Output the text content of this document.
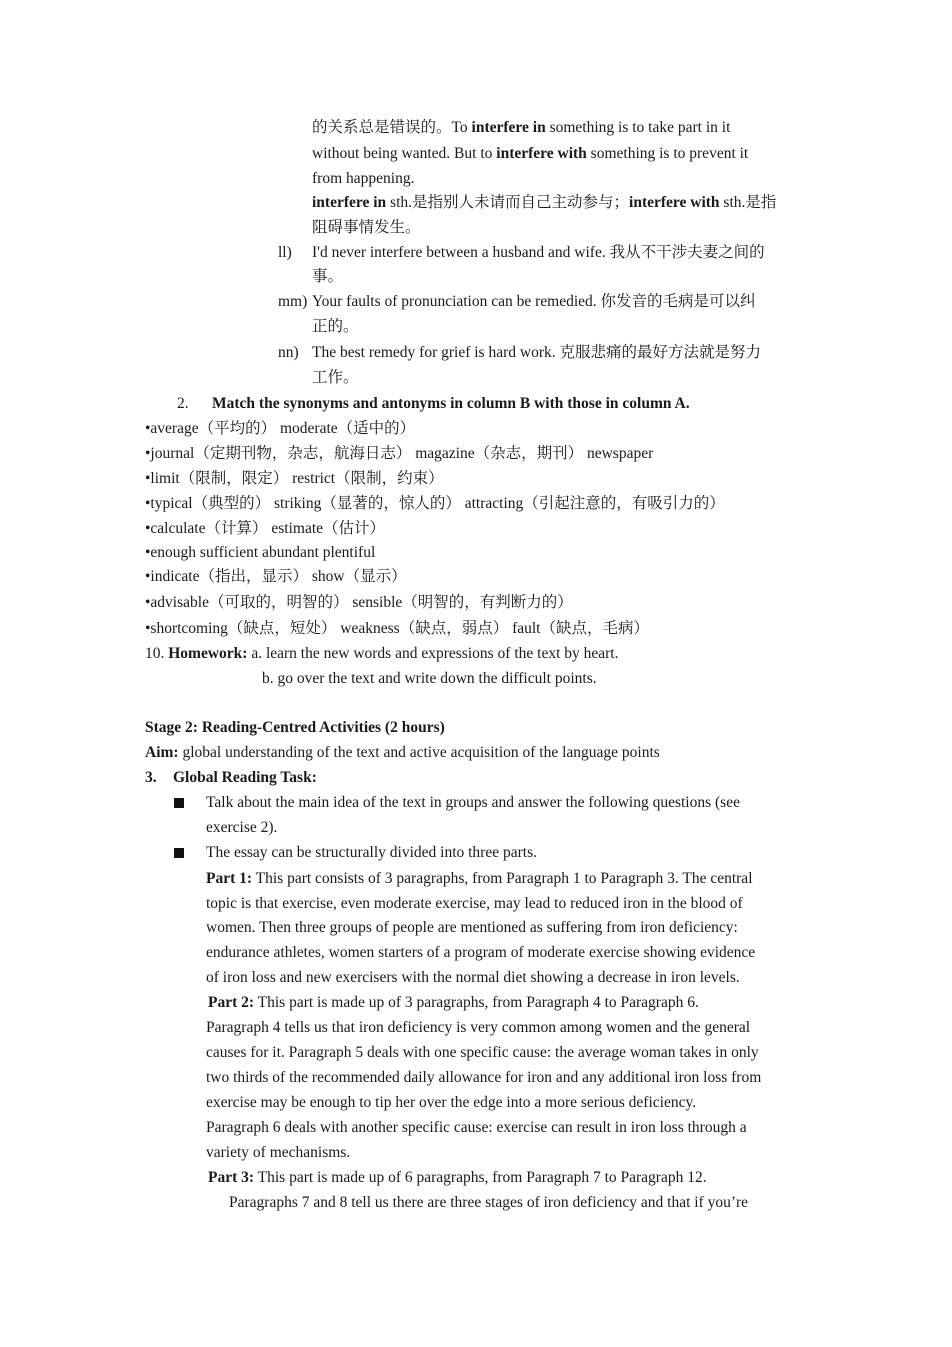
的关系总是错误的。To interfere in something is to take part in it
without being wanted. But to interfere with something is to prevent it
from happening.
interfere in sth.是指别人未请而自己主动参与；interfere with sth.是指
阻碍事情发生。
ll) I'd never interfere between a husband and wife. 我从不干涉夫妻之间的
事。
mm) Your faults of pronunciation can be remedied. 你发音的毛病是可以纠
正的。
nn) The best remedy for grief is hard work. 克服悲痛的最好方法就是努力
工作。
2. Match the synonyms and antonyms in column B with those in column A.
•average（平均的） moderate（适中的）
•journal（定期刊物，杂志，航海日志） magazine（杂志，期刊） newspaper
•limit（限制，限定） restrict（限制，约束）
•typical（典型的） striking（显著的，惊人的） attracting（引起注意的，有吸引力的）
•calculate（计算） estimate（估计）
•enough sufficient abundant plentiful
•indicate（指出，显示） show（显示）
•advisable（可取的，明智的） sensible（明智的，有判断力的）
•shortcoming（缺点，短处） weakness（缺点，弱点） fault（缺点，毛病）
10. Homework: a. learn the new words and expressions of the text by heart.
b. go over the text and write down the difficult points.
Stage 2: Reading-Centred Activities (2 hours)
Aim: global understanding of the text and active acquisition of the language points
3. Global Reading Task:
Talk about the main idea of the text in groups and answer the following questions (see
exercise 2).
The essay can be structurally divided into three parts.
Part 1: This part consists of 3 paragraphs, from Paragraph 1 to Paragraph 3. The central
topic is that exercise, even moderate exercise, may lead to reduced iron in the blood of
women. Then three groups of people are mentioned as suffering from iron deficiency:
endurance athletes, women starters of a program of moderate exercise showing evidence
of iron loss and new exercisers with the normal diet showing a decrease in iron levels.
Part 2: This part is made up of 3 paragraphs, from Paragraph 4 to Paragraph 6.
Paragraph 4 tells us that iron deficiency is very common among women and the general
causes for it. Paragraph 5 deals with one specific cause: the average woman takes in only
two thirds of the recommended daily allowance for iron and any additional iron loss from
exercise may be enough to tip her over the edge into a more serious deficiency.
Paragraph 6 deals with another specific cause: exercise can result in iron loss through a
variety of mechanisms.
Part 3: This part is made up of 6 paragraphs, from Paragraph 7 to Paragraph 12.
Paragraphs 7 and 8 tell us there are three stages of iron deficiency and that if you’re
